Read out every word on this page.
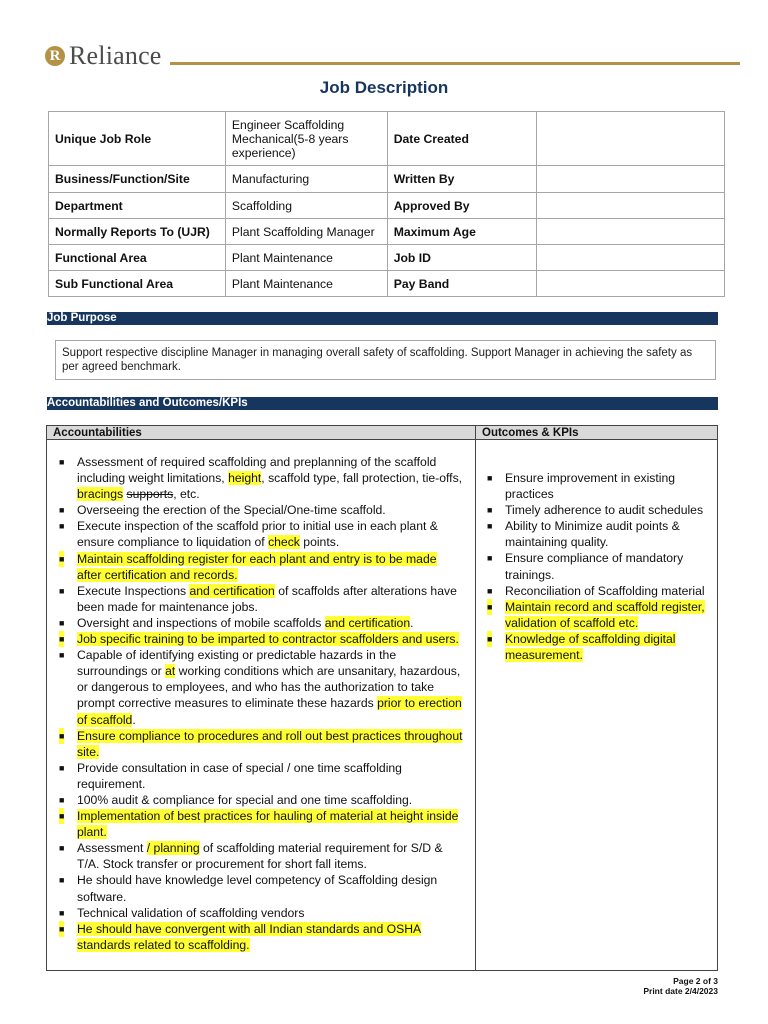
R Reliance
Job Description
Unique Job Role	Engineer Scaffolding Mechanical(5-8 years experience)	Date Created	
Business/Function/Site	Manufacturing	Written By	
Department	Scaffolding	Approved By	
Normally Reports To (UJR)	Plant Scaffolding Manager	Maximum Age	
Functional Area	Plant Maintenance	Job ID	
Sub Functional Area	Plant Maintenance	Pay Band	
Job Purpose
Support respective discipline Manager in managing overall safety of scaffolding. Support Manager in achieving the safety as per agreed benchmark.
Accountabilities and Outcomes/KPIs
Accountabilities	Outcomes & KPIs
■ Assessment of required scaffolding and preplanning of the scaffold including weight limitations, height, scaffold type, fall protection, tie-offs, bracings supports, etc.
■ Overseeing the erection of the Special/One-time scaffold.
■ Execute inspection of the scaffold prior to initial use in each plant & ensure compliance to liquidation of check points.
■ Maintain scaffolding register for each plant and entry is to be made after certification and records.
■ Execute Inspections and certification of scaffolds after alterations have been made for maintenance jobs.
■ Oversight and inspections of mobile scaffolds and certification.
■ Job specific training to be imparted to contractor scaffolders and users.
■ Capable of identifying existing or predictable hazards in the surroundings or at working conditions which are unsanitary, hazardous, or dangerous to employees, and who has the authorization to take prompt corrective measures to eliminate these hazards prior to erection of scaffold.
■ Ensure compliance to procedures and roll out best practices throughout site.
■ Provide consultation in case of special / one time scaffolding requirement.
■ 100% audit & compliance for special and one time scaffolding.
■ Implementation of best practices for hauling of material at height inside plant.
■ Assessment / planning of scaffolding material requirement for S/D & T/A. Stock transfer or procurement for short fall items.
■ He should have knowledge level competency of Scaffolding design software.
■ Technical validation of scaffolding vendors
■ He should have convergent with all Indian standards and OSHA standards related to scaffolding.
■ Ensure improvement in existing practices
■ Timely adherence to audit schedules
■ Ability to Minimize audit points & maintaining quality.
■ Ensure compliance of mandatory trainings.
■ Reconciliation of Scaffolding material
■ Maintain record and scaffold register, validation of scaffold etc.
■ Knowledge of scaffolding digital measurement.
Page 2 of 3
Print date 2/4/2023
